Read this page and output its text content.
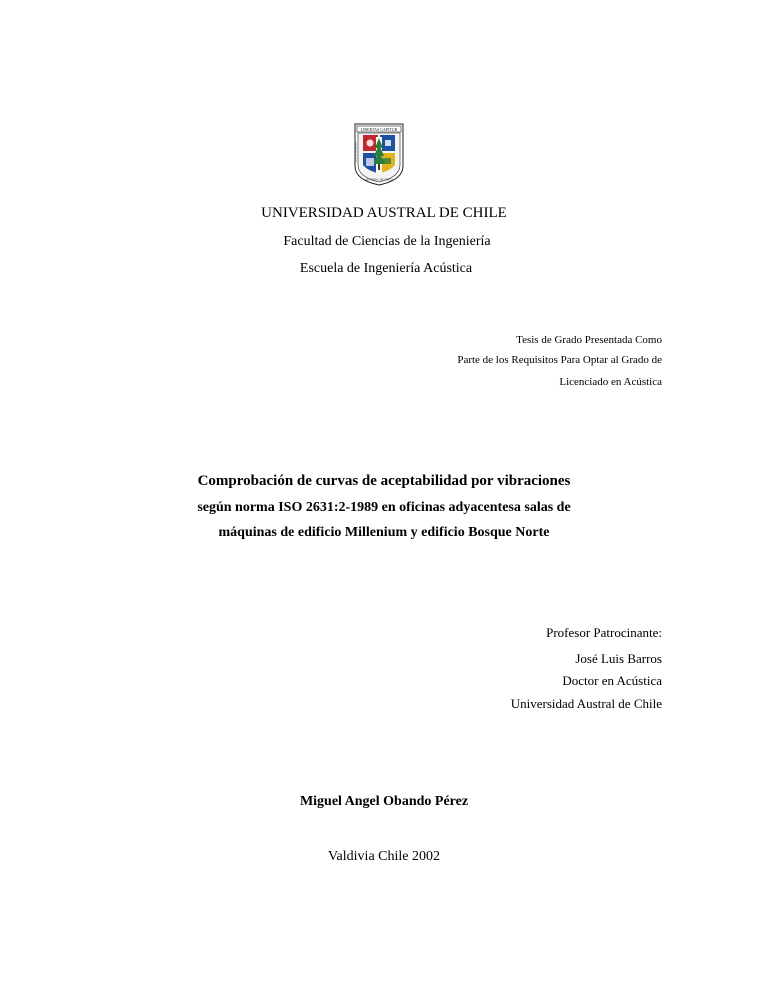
LIBERTAS CAPITUR
UNIVERSIDAD
AUSTRAL DE CHILE
UNIVERSIDAD AUSTRAL DE CHILE
Facultad de Ciencias de la Ingeniería
Escuela de Ingeniería Acústica
Tesis de Grado Presentada Como
Parte de los Requisitos Para Optar al Grado de
Licenciado en Acústica
Comprobación de curvas de aceptabilidad por vibraciones
según norma ISO 2631:2-1989 en oficinas adyacentesa salas de
máquinas de edificio Millenium y edificio Bosque Norte
Profesor Patrocinante:
José Luis Barros
Doctor en Acústica
Universidad Austral de Chile
Miguel Angel Obando Pérez
Valdivia Chile 2002
